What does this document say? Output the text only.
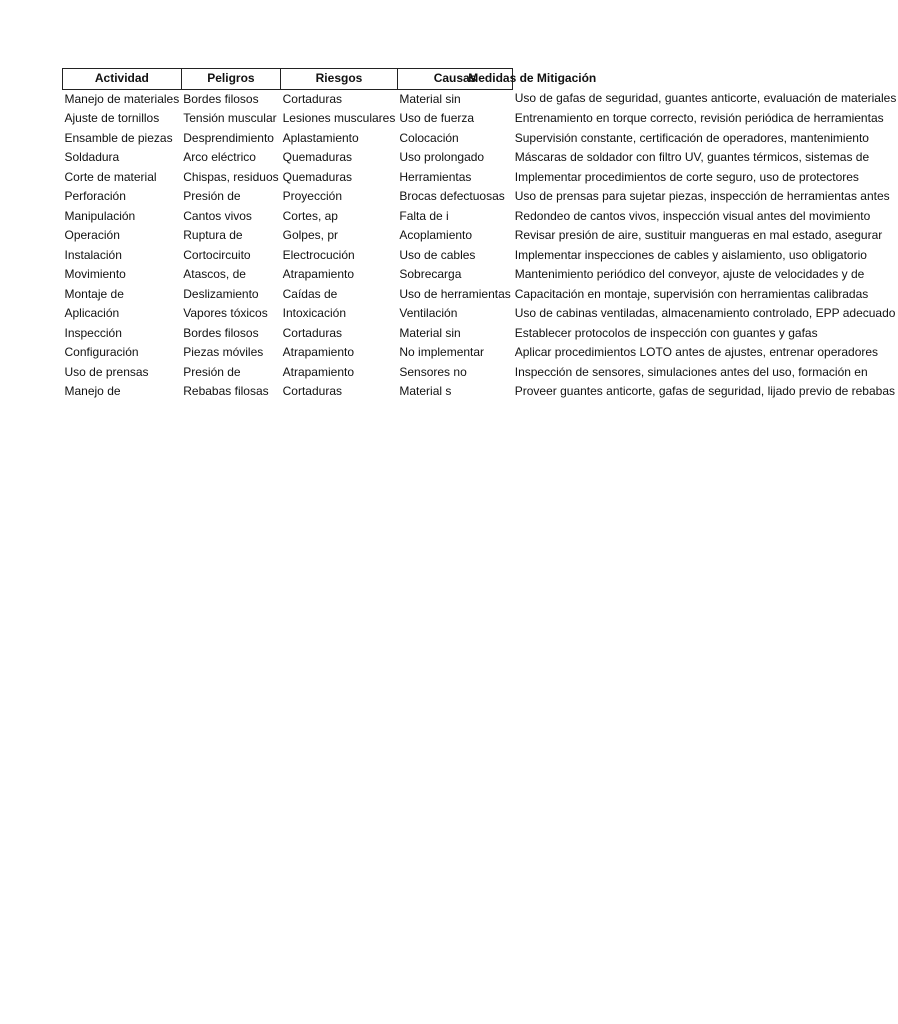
Actividad	Peligros	Riesgos	Causas	Medidas de Mitigación
Manejo de materiales	Bordes filosos	Cortaduras	Material sin	Uso de gafas de seguridad, guantes anticorte, evaluación de materiales
Ajuste de tornillos	Tensión muscular	Lesiones musculares	Uso de fuerza	Entrenamiento en torque correcto, revisión periódica de herramientas
Ensamble de piezas	Desprendimiento	Aplastamiento	Colocación	Supervisión constante, certificación de operadores, mantenimiento
Soldadura	Arco eléctrico	Quemaduras	Uso prolongado	Máscaras de soldador con filtro UV, guantes térmicos, sistemas de
Corte de material	Chispas, residuos	Quemaduras	Herramientas	Implementar procedimientos de corte seguro, uso de protectores
Perforación	Presión de	Proyección	Brocas defectuosas	Uso de prensas para sujetar piezas, inspección de herramientas antes
Manipulación	Cantos vivos	Cortes, ap	Falta de i	Redondeo de cantos vivos, inspección visual antes del movimiento
Operación	Ruptura de	Golpes, pr	Acoplamiento	Revisar presión de aire, sustituir mangueras en mal estado, asegurar
Instalación	Cortocircuito	Electrocución	Uso de cables	Implementar inspecciones de cables y aislamiento, uso obligatorio
Movimiento	Atascos, de	Atrapamiento	Sobrecarga	Mantenimiento periódico del conveyor, ajuste de velocidades y de
Montaje de	Deslizamiento	Caídas de	Uso de herramientas	Capacitación en montaje, supervisión con herramientas calibradas
Aplicación	Vapores tóxicos	Intoxicación	Ventilación	Uso de cabinas ventiladas, almacenamiento controlado, EPP adecuado
Inspección	Bordes filosos	Cortaduras	Material sin	Establecer protocolos de inspección con guantes y gafas
Configuración	Piezas móviles	Atrapamiento	No implementar	Aplicar procedimientos LOTO antes de ajustes, entrenar operadores
Uso de prensas	Presión de	Atrapamiento	Sensores no	Inspección de sensores, simulaciones antes del uso, formación en
Manejo de	Rebabas filosas	Cortaduras	Material s	Proveer guantes anticorte, gafas de seguridad, lijado previo de rebabas
